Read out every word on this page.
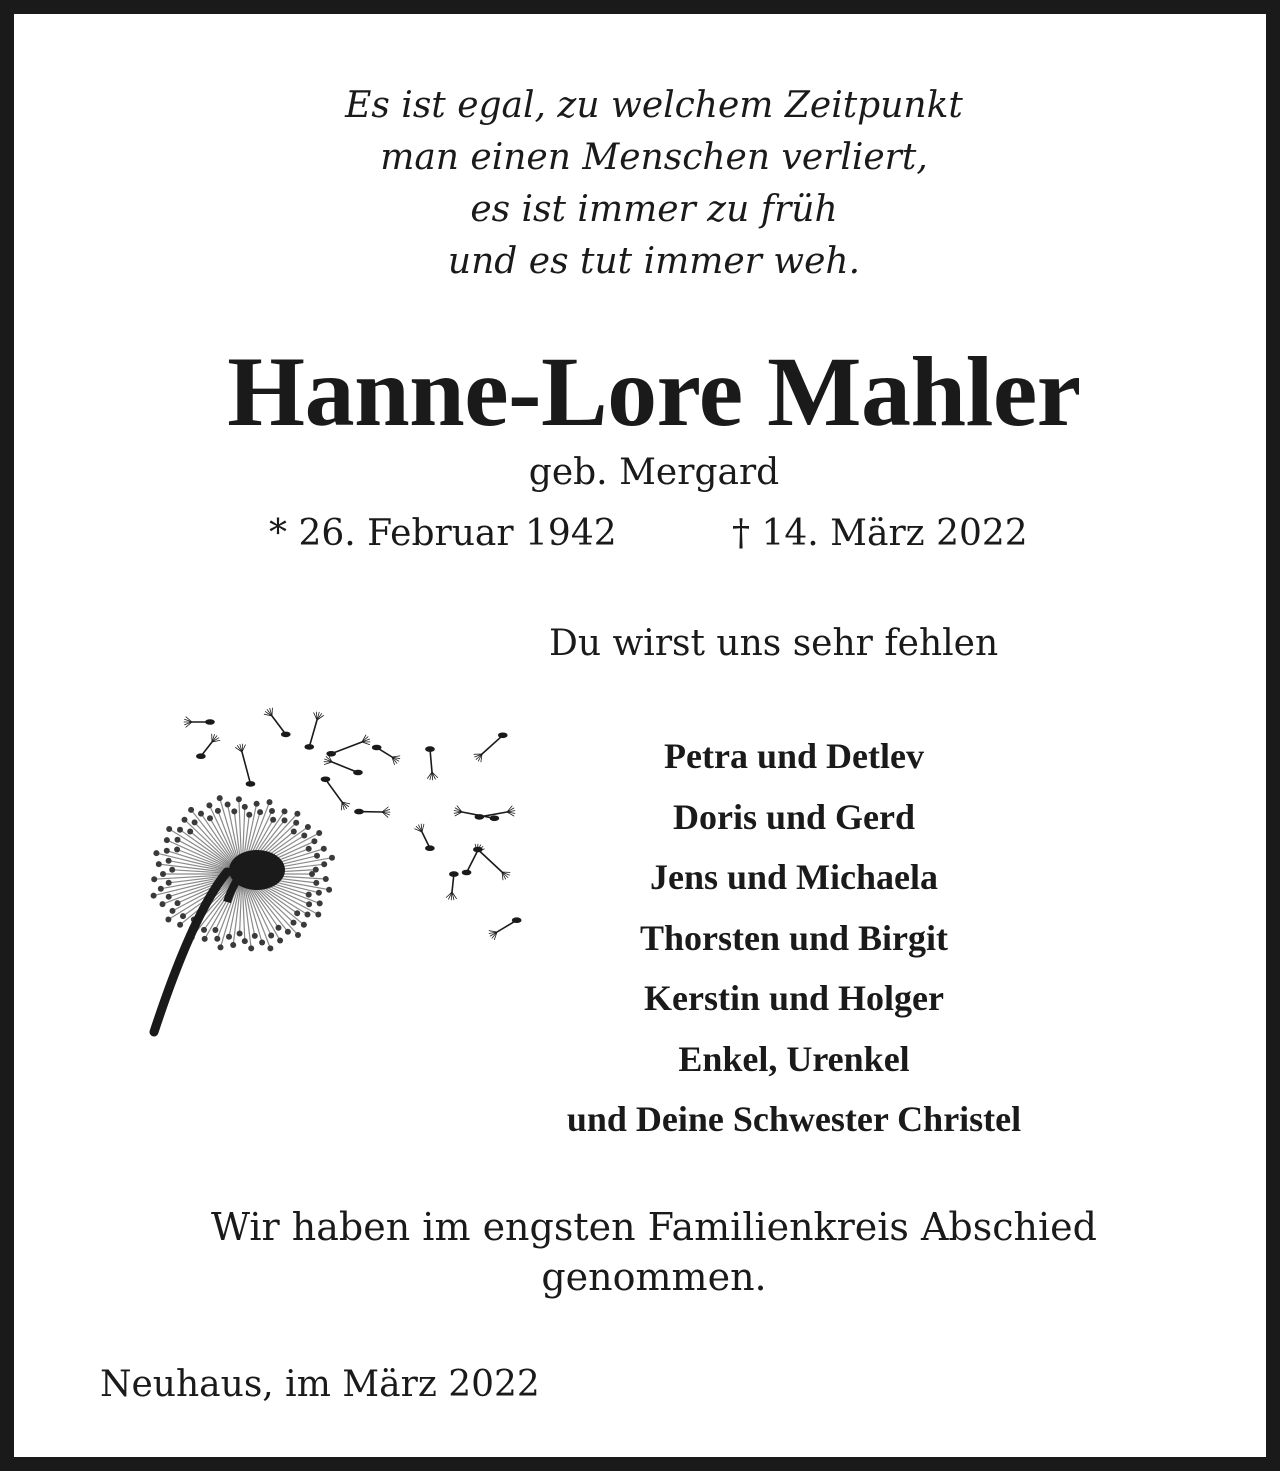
Es ist egal, zu welchem Zeitpunkt
man einen Menschen verliert,
es ist immer zu früh
und es tut immer weh.
Hanne-Lore Mahler
geb. Mergard
* 26. Februar 1942	† 14. März 2022
Du wirst uns sehr fehlen
Petra und Detlev
Doris und Gerd
Jens und Michaela
Thorsten und Birgit
Kerstin und Holger
Enkel, Urenkel
und Deine Schwester Christel
Wir haben im engsten Familienkreis Abschied genommen.
Neuhaus, im März 2022
